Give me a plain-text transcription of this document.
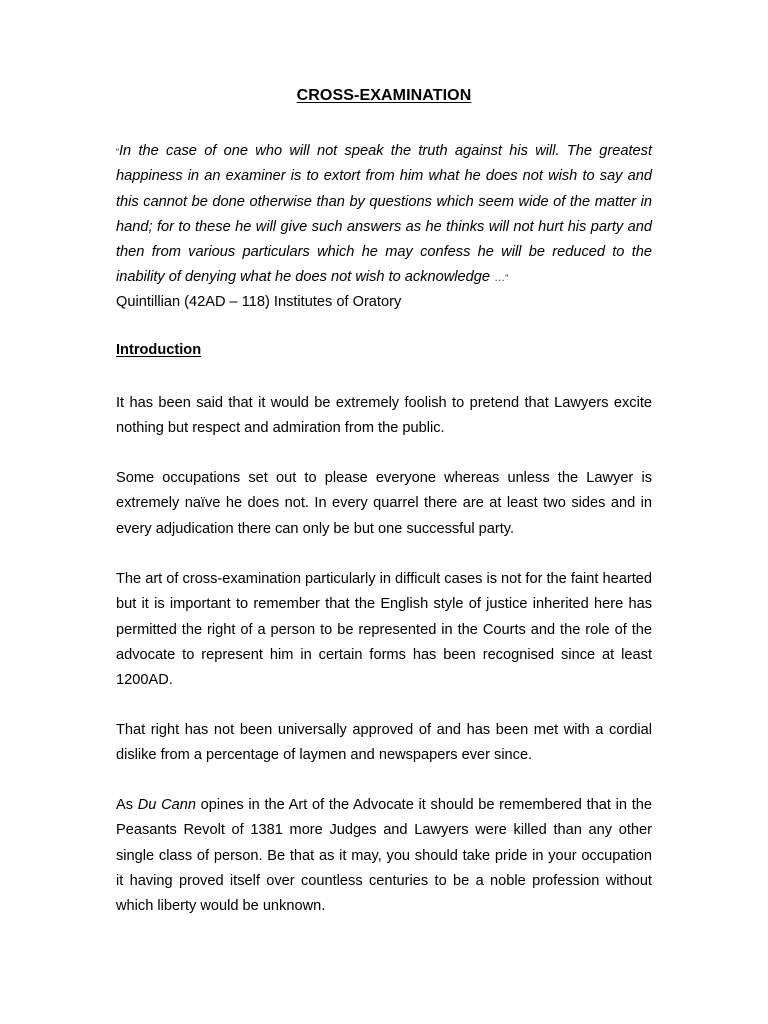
CROSS-EXAMINATION

“In the case of one who will not speak the truth against his will. The greatest happiness in an examiner is to extort from him what he does not wish to say and this cannot be done otherwise than by questions which seem wide of the matter in hand; for to these he will give such answers as he thinks will not hurt his party and then from various particulars which he may confess he will be reduced to the inability of denying what he does not wish to acknowledge …”

Quintillian (42AD – 118) Institutes of Oratory

Introduction

It has been said that it would be extremely foolish to pretend that Lawyers excite nothing but respect and admiration from the public.

Some occupations set out to please everyone whereas unless the Lawyer is extremely naïve he does not. In every quarrel there are at least two sides and in every adjudication there can only be but one successful party.

The art of cross-examination particularly in difficult cases is not for the faint hearted but it is important to remember that the English style of justice inherited here has permitted the right of a person to be represented in the Courts and the role of the advocate to represent him in certain forms has been recognised since at least 1200AD.

That right has not been universally approved of and has been met with a cordial dislike from a percentage of laymen and newspapers ever since.

As Du Cann opines in the Art of the Advocate it should be remembered that in the Peasants Revolt of 1381 more Judges and Lawyers were killed than any other single class of person. Be that as it may, you should take pride in your occupation it having proved itself over countless centuries to be a noble profession without which liberty would be unknown.
